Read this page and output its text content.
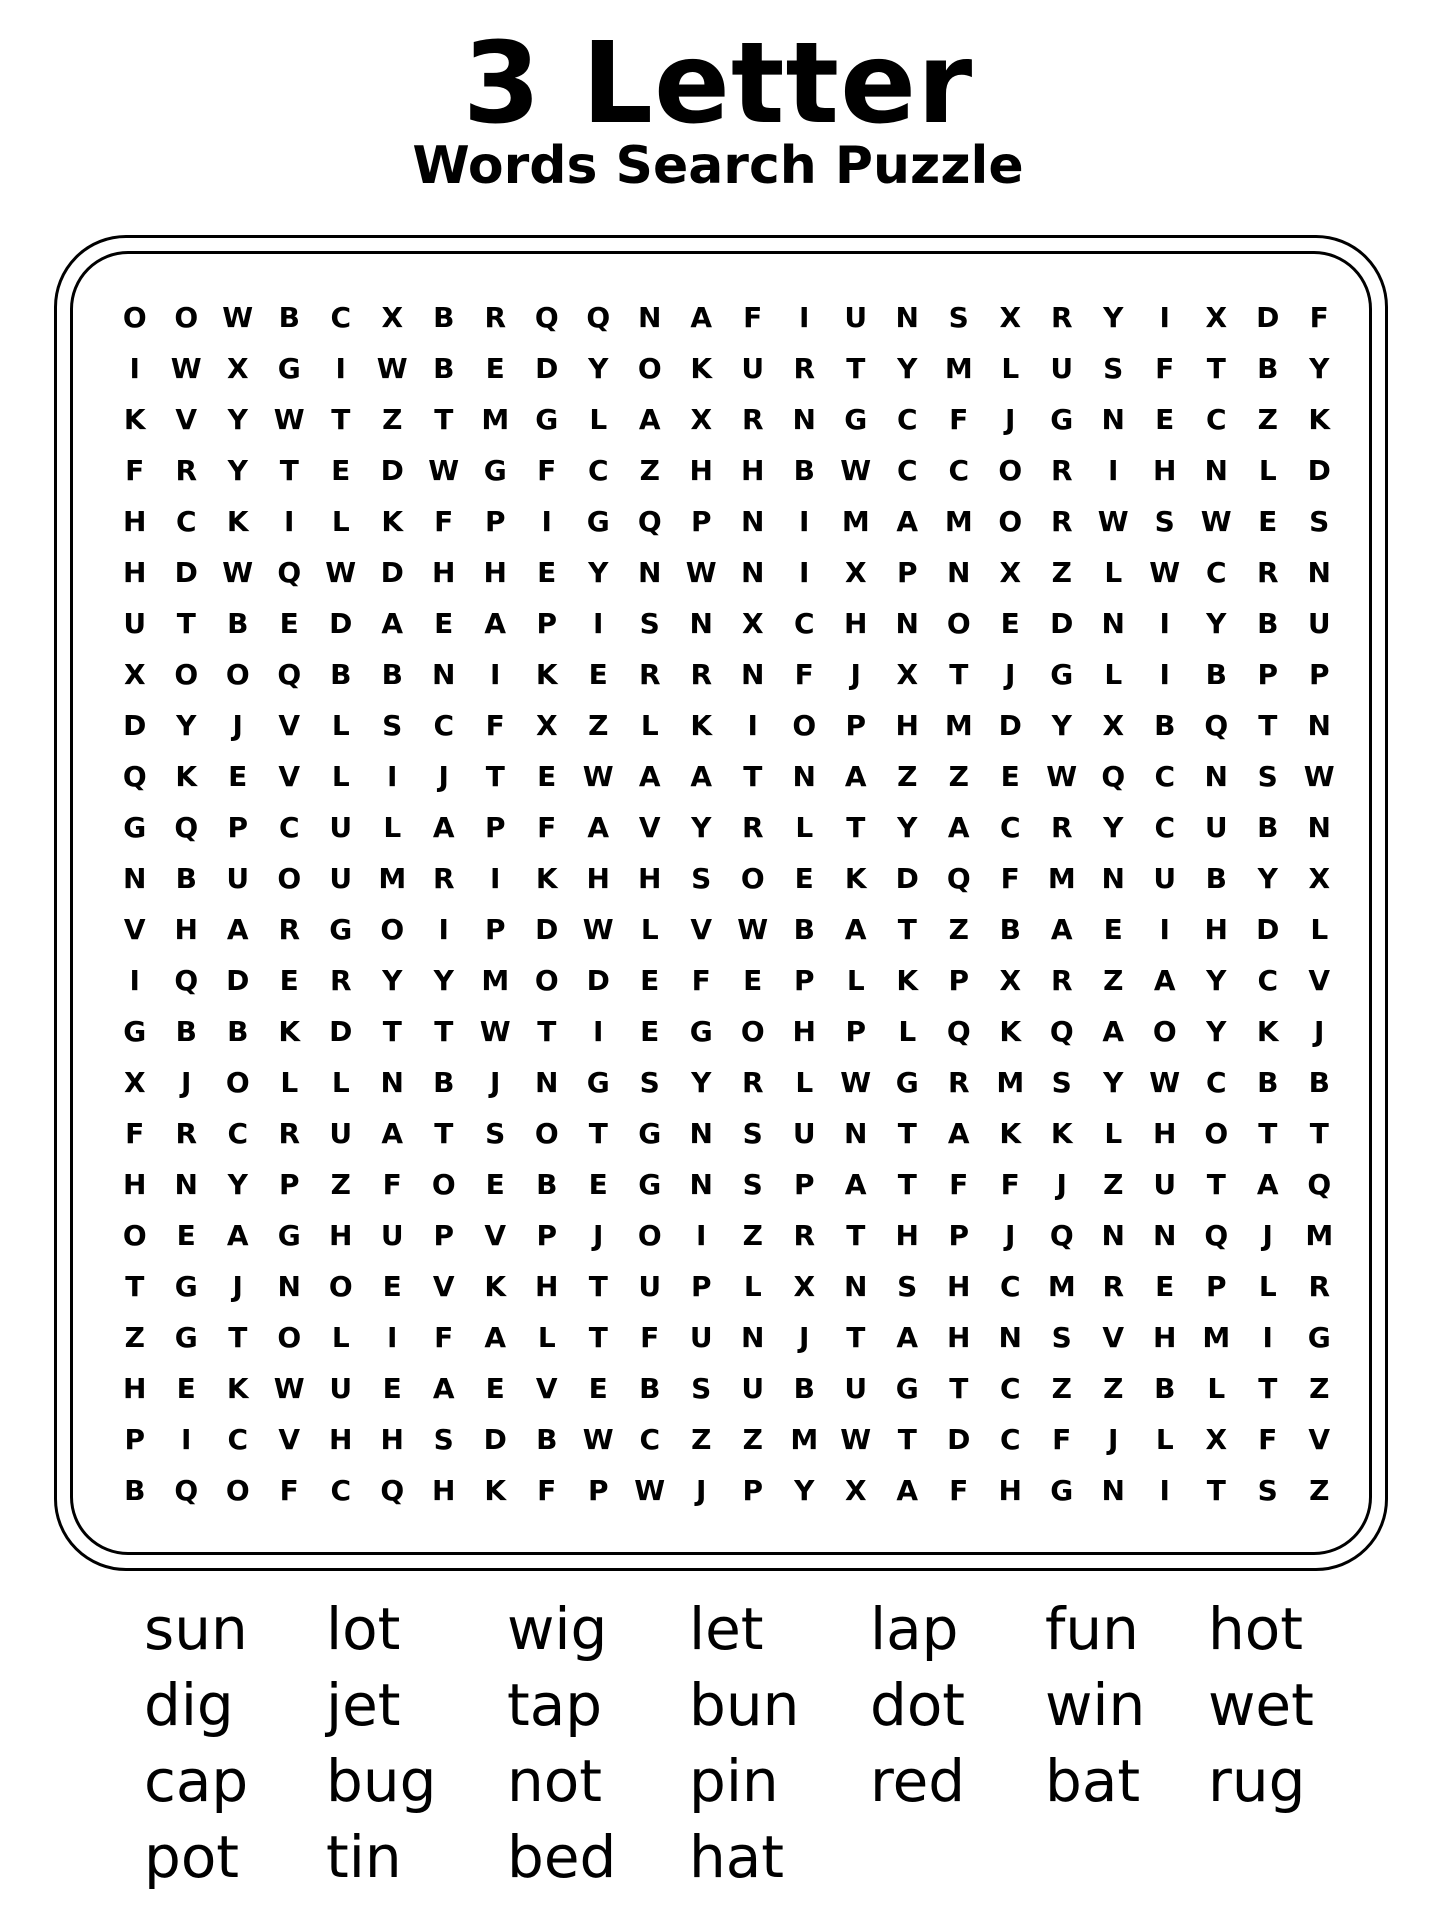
3 Letter
Words Search Puzzle
O O W B	C	X	B	R	Q Q N	A	F	I	U	N	S	X	R	Y	I	X	D	F
I	W X	G	I	W B	E	D	Y	O	K	U	R	T	Y M	L	U	S	F	T	B	Y
K	V	Y W T	Z	T	M G	L	A	X	R	N	G	C	F	J	G	N	E	C	Z	K
F	R	Y	T	E	D W G	F	C	Z	H	H	B W C	C	O	R	I	H	N	L	D
H	C	K	I	L	K	F	P	I	G	Q	P	N	I	M A M O	R W S W E	S
H	D W Q W D	H	H	E	Y	N W N	I	X	P	N	X	Z	L W C	R	N
U	T	B	E	D	A	E	A	P	I	S	N	X	C	H	N O	E	D	N	I	Y	B	U
X	O O Q	B	B	N	I	K	E	R	R	N	F	J	X	T	J	G	L	I	B	P	P
D	Y	J	V	L	S	C	F	X	Z	L	K	I	O	P	H M D	Y	X	B	Q	T	N
Q	K	E	V	L	I	J	T	E W A	A	T	N	A	Z	Z	E W Q	C	N	S W
G	Q	P	C	U	L	A	P	F	A	V	Y	R	L	T	Y	A	C	R	Y	C	U	B	N
N	B	U	O	U M R	I	K	H	H	S	O	E	K	D Q	F	M N	U	B	Y	X
V	H	A	R	G	O	I	P	D W L	V W B	A	T	Z	B	A	E	I	H	D	L
I	Q D	E	R	Y	Y M O D	E	F	E	P	L	K	P	X	R	Z	A	Y	C	V
G	B	B	K	D	T	T W T	I	E	G	O H	P	L	Q	K	Q	A	O	Y	K	J
X	J	O	L	L	N	B	J	N	G	S	Y	R	L W G	R M S	Y W C	B	B
F	R	C	R	U	A	T	S	O	T	G	N	S	U	N	T	A	K	K	L	H O	T	T
H	N	Y	P	Z	F	O	E	B	E	G	N	S	P	A	T	F	F	J	Z	U	T	A	Q
O	E	A	G	H	U	P	V	P	J	O	I	Z	R	T	H	P	J	Q N	N Q	J	M
T	G	J	N O	E	V	K	H	T	U	P	L	X	N	S	H	C M R	E	P	L	R
Z	G	T	O	L	I	F	A	L	T	F	U	N	J	T	A	H	N	S	V	H M	I	G
H	E	K W U	E	A	E	V	E	B	S	U	B	U	G	T	C	Z	Z	B	L	T	Z
P	I	C	V	H	H	S	D	B W C	Z	Z M W T	D	C	F	J	L	X	F	V
B	Q O	F	C	Q H	K	F	P W	J	P	Y	X	A	F	H	G	N	I	T	S	Z
sun lot wig let lap fun hot
dig jet tap bun dot win wet
cap bug not pin red bat rug
pot tin bed hat
